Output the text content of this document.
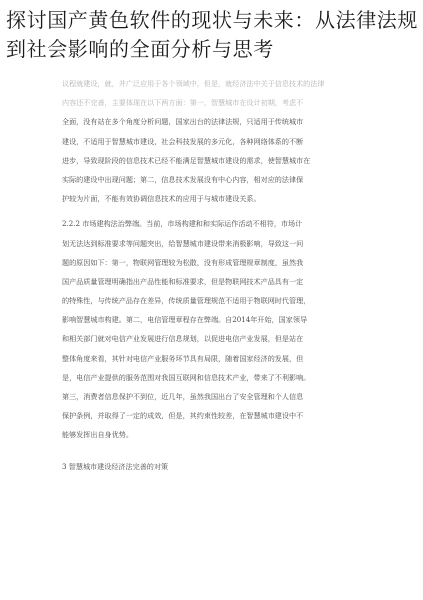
探讨国产黄色软件的现状与未来：从法律法规到社会影响的全面分析与思考
议程就建设，就，并广泛应用于各个领域中，但是，就经济法中关于信息技术的法律
内容还不完善，主要体现在以下两方面：第一，智慧城市在设计初期，考虑不
全面，没有站在多个角度分析问题，国家出台的法律法规，只适用于传统城市
建设，不适用于智慧城市建设，社会科技发展的多元化，各种网络体系的不断
进步，导致现阶段的信息技术已经不能满足智慧城市建设的需求，使智慧城市在
实际的建设中出现问题；第二，信息技术发展没有中心内容，相对应的法律保
护较为片面，不能有效协调信息技术的应用于与城市建设关系。
2.2.2 市场建构法治弊端。当前，市场构建和和实际运作活动不相符，市场计
划无法达到标准要求等问题突出，给智慧城市建设带来消极影响，导致这一问
题的原因如下：第一，物联网管理较为松散，没有形成管理规章制度，虽然我
国产品质量管理明确指出产品性能和标准要求，但是物联网技术产品具有一定
的特殊性，与传统产品存在差异，传统质量管理规范不适用于物联网时代管理，
影响智慧城市构建。第二，电信管理章程存在弊端。自2014年开始，国家领导
和相关部门就对电信产业发展进行信息规划，以促进电信产业发展，但是站在
整体角度来看，其针对电信产业服务环节具有局限，随着国家经济的发展，但
是，电信产业提供的服务范围对我国互联网和信息技术产业，带来了不利影响。
第三，消费者信息保护不到位，近几年，虽然我国出台了安全管理和个人信息
保护条例，并取得了一定的成效，但是，其约束性较差，在智慧城市建设中不
能够发挥出自身优势。
3 智慧城市建设经济法完善的对策
